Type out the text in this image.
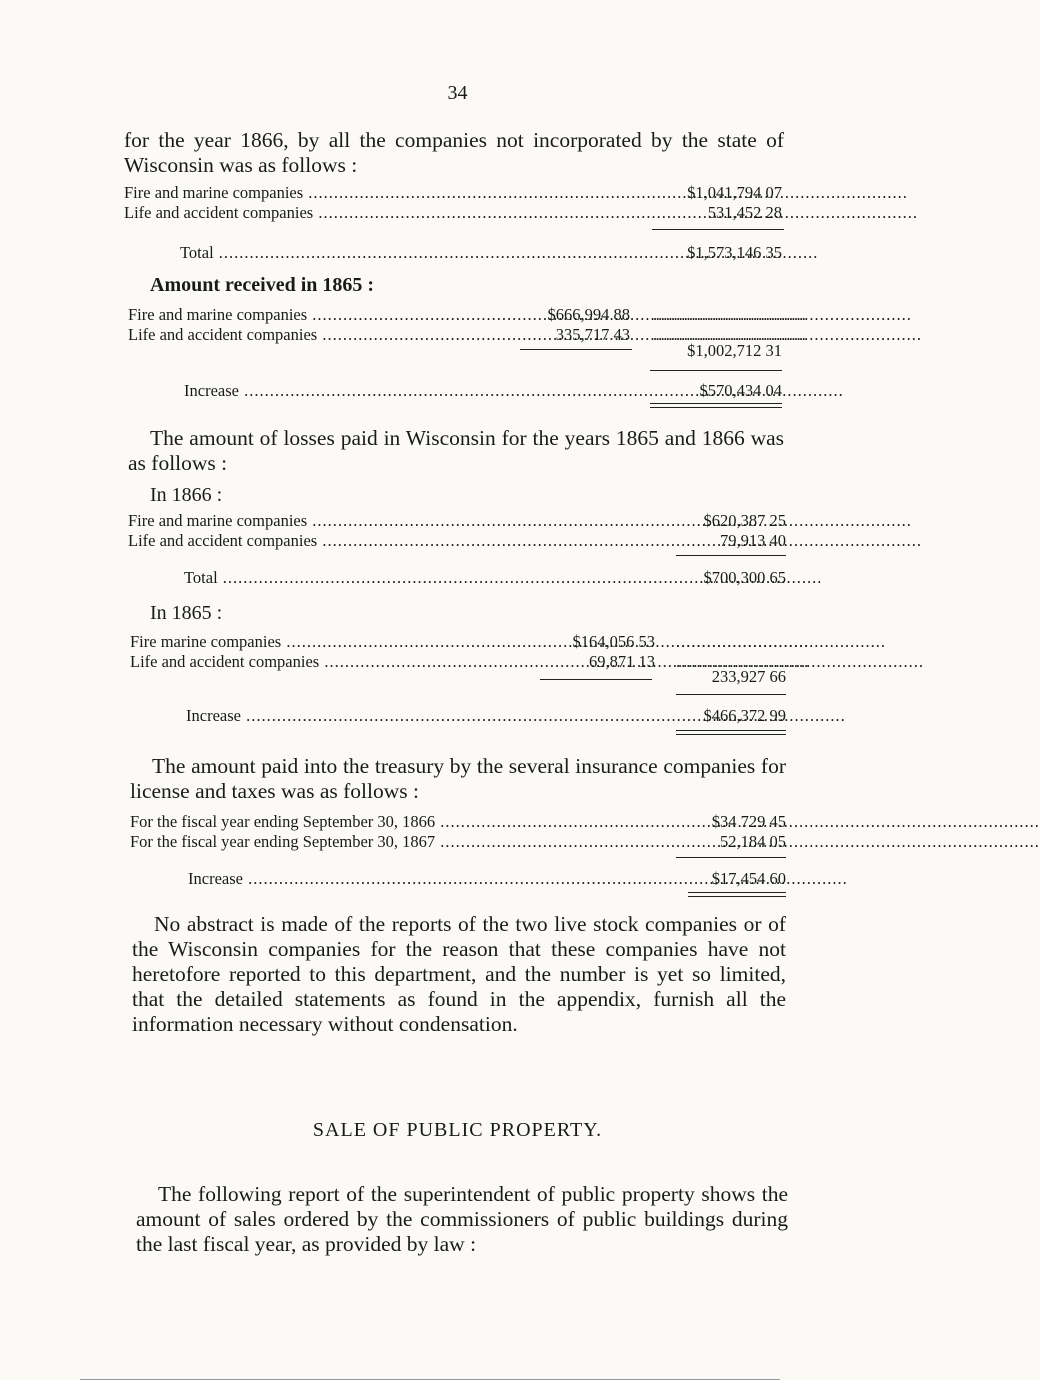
34
for the year 1866, by all the companies not incorporated by the state of Wisconsin was as follows :
Fire and marine companies .....	$1,041,794 07
Life and accident companies .....	531,452 28
Total .....	$1,573,146 35
Amount received in 1865 :
Fire and marine companies .....	$666,994 88 ..............................
Life and accident companies .....	335,717 43 ..............................
$1,002,712 31
Increase .....	$570,434 04
The amount of losses paid in Wisconsin for the years 1865 and 1866 was as follows :
In 1866 :
Fire and marine companies .....	$620,387 25
Life and accident companies .....	79,913 40
Total .....	$700,300 65
In 1865 :
Fire marine companies .....	$164,056 53 ..........................
Life and accident companies .....	69,871 13 ..........................
233,927 66
Increase .....	$466,372 99
The amount paid into the treasury by the several insurance companies for license and taxes was as follows :
For the fiscal year ending September 30, 1866 .....	$34 729 45
For the fiscal year ending September 30, 1867 .....	52,184 05
Increase .....	$17,454 60
No abstract is made of the reports of the two live stock companies or of the Wisconsin companies for the reason that these companies have not heretofore reported to this department, and the number is yet so limited, that the detailed statements as found in the appendix, furnish all the information necessary without condensation.
SALE OF PUBLIC PROPERTY.
The following report of the superintendent of public property shows the amount of sales ordered by the commissioners of public buildings during the last fiscal year, as provided by law :
